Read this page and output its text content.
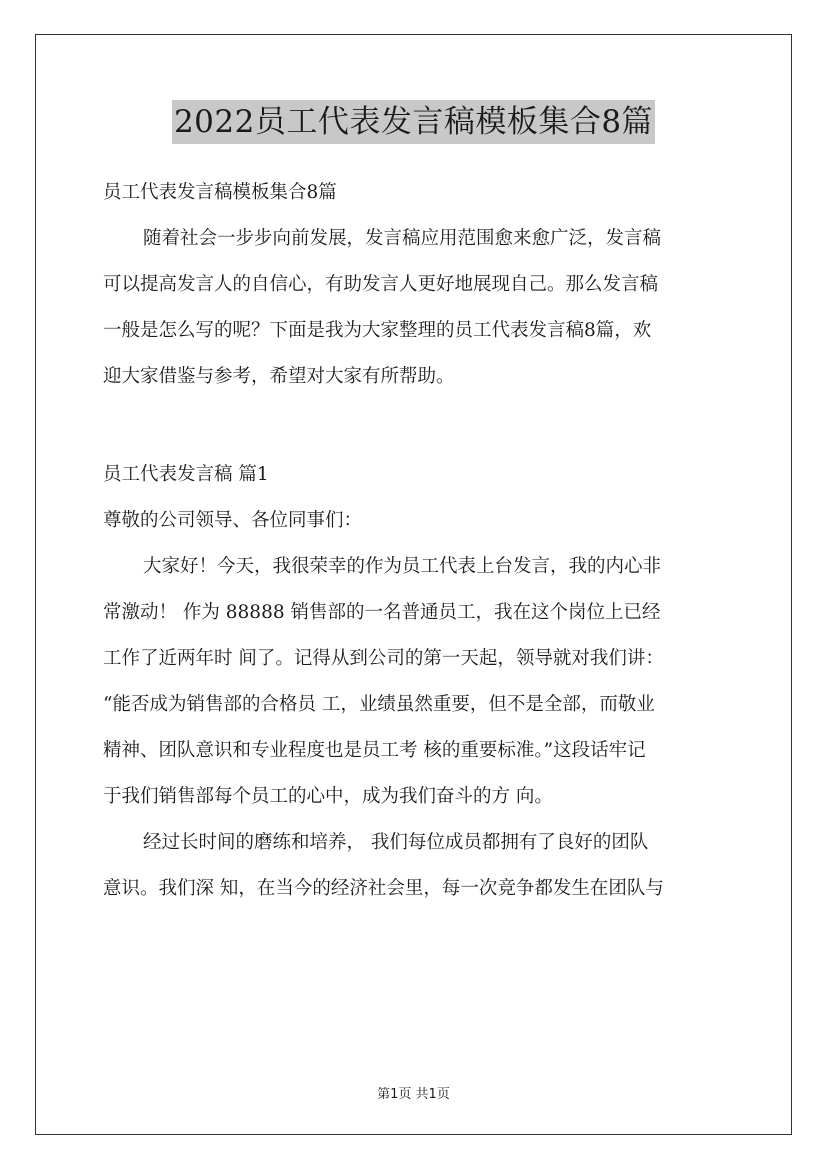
2022员工代表发言稿模板集合8篇

员工代表发言稿模板集合8篇

随着社会一步步向前发展，发言稿应用范围愈来愈广泛，发言稿

可以提高发言人的自信心，有助发言人更好地展现自己。那么发言稿

一般是怎么写的呢？下面是我为大家整理的员工代表发言稿8篇，欢

迎大家借鉴与参考，希望对大家有所帮助。

员工代表发言稿 篇1

尊敬的公司领导、各位同事们：

大家好！今天，我很荣幸的作为员工代表上台发言，我的内心非

常激动！ 作为 88888 销售部的一名普通员工，我在这个岗位上已经

工作了近两年时 间了。记得从到公司的第一天起，领导就对我们讲：

“能否成为销售部的合格员 工，业绩虽然重要，但不是全部，而敬业

精神、团队意识和专业程度也是员工考 核的重要标准。”这段话牢记

于我们销售部每个员工的心中，成为我们奋斗的方 向。

经过长时间的磨练和培养， 我们每位成员都拥有了良好的团队

意识。我们深 知，在当今的经济社会里，每一次竞争都发生在团队与

第1页 共1页
